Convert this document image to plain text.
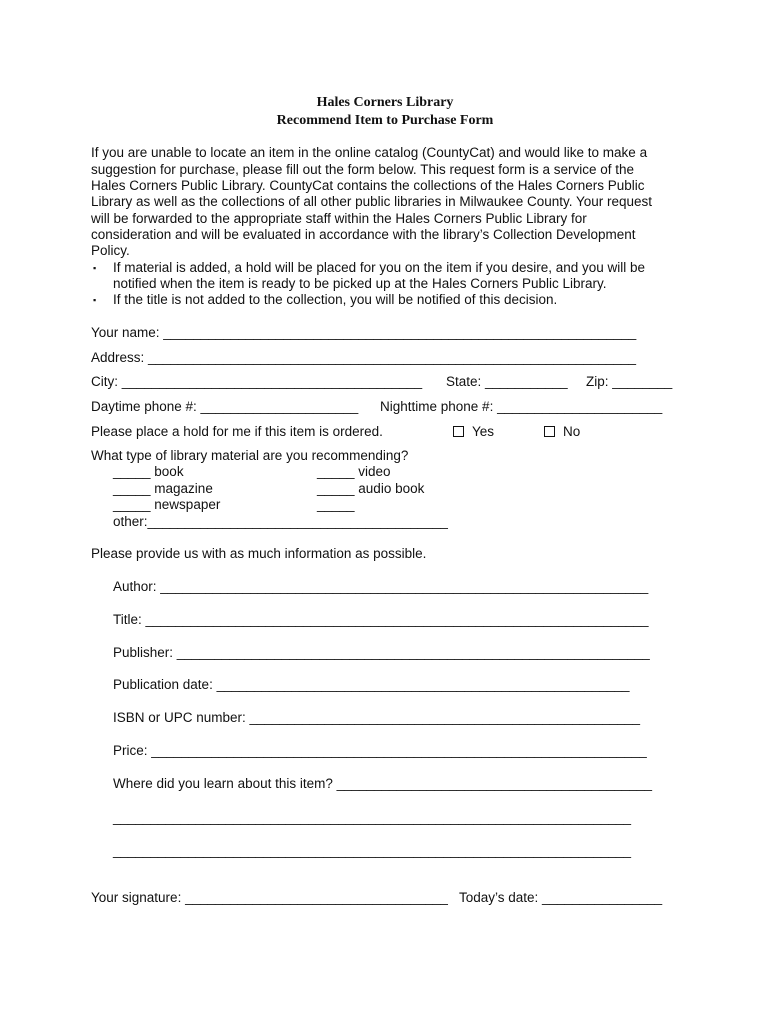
Hales Corners Library
Recommend Item to Purchase Form
If you are unable to locate an item in the online catalog (CountyCat) and would like to make a
suggestion for purchase, please fill out the form below. This request form is a service of the
Hales Corners Public Library. CountyCat contains the collections of the Hales Corners Public
Library as well as the collections of all other public libraries in Milwaukee County. Your request
will be forwarded to the appropriate staff within the Hales Corners Public Library for
consideration and will be evaluated in accordance with the library’s Collection Development
Policy.
▪ If material is added, a hold will be placed for you on the item if you desire, and you will be
notified when the item is ready to be picked up at the Hales Corners Public Library.
▪ If the title is not added to the collection, you will be notified of this decision.
Your name: _______________________________________________________________
Address: _________________________________________________________________
City: ________________________________________ State: ___________ Zip: ________
Daytime phone #: _____________________ Nighttime phone #: ______________________
Please place a hold for me if this item is ordered.	Yes	No
What type of library material are you recommending?
_____ book
_____ magazine
_____ newspaper
other:________________________________________
_____ video
_____ audio book
_____
Please provide us with as much information as possible.
Author: _________________________________________________________________
Title: ___________________________________________________________________
Publisher: _______________________________________________________________
Publication date: _______________________________________________________
ISBN or UPC number: ____________________________________________________
Price: __________________________________________________________________
Where did you learn about this item? __________________________________________
_____________________________________________________________________
_____________________________________________________________________
Your signature: ___________________________________ Today’s date: ________________
